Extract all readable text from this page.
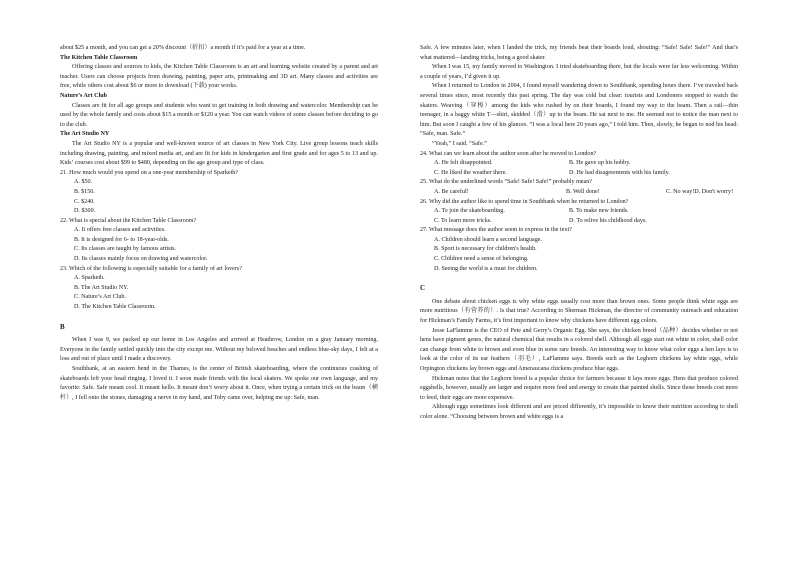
about $25 a month, and you can get a 20% discount（折扣）a month if it’s paid for a year at a time.

The Kitchen Table Classroom

Offering classes and sources to kids, the Kitchen Table Classroom is an art and learning website created by a parent and art teacher. Users can choose projects from drawing, painting, paper arts, printmaking and 3D art. Many classes and activities are free, while others cost about $6 or more to download (下载) your works.

Nature’s Art Club

Classes are fit for all age groups and students who want to get training in both drawing and watercolor. Membership can be used by the whole family and costs about $15 a month or $120 a year. You can watch videos of some classes before deciding to go to the club.

The Art Studio NY

The Art Studio NY is a popular and well-known source of art classes in New York City. Live group lessons teach skills including drawing, painting, and mixed media art, and are fit for kids in kindergarten and first grade and for ages 5 to 13 and up. Kids’ courses cost about $99 to $480, depending on the age group and type of class.

21. How much would you spend on a one-year membership of Sparketh?

A. $50.

B. $150.

C. $240.

D. $300.

22. What is special about the Kitchen Table Classroom?

A. It offers free classes and activities.

B. It is designed for 6- to 18-year-olds.

C. Its classes are taught by famous artists.

D. Its classes mainly focus on drawing and watercolor.

23. Which of the following is especially suitable for a family of art lovers?

A. Sparketh.

B. The Art Studio NY.

C. Nature’s Art Club.

D. The Kitchen Table Classroom.

B

When I was 9, we packed up our home in Los Angeles and arrived at Heathrow, London on a gray January morning. Everyone in the family settled quickly into the city except me. Without my beloved beaches and endless blue-sky days, I felt at a loss and out of place until I made a discovery.

Southbank, at an eastern bend in the Thames, is the center of British skateboarding, where the continuous crashing of skateboards left your head ringing. I loved it. I soon made friends with the local skaters. We spoke our own language, and my favorite: Safe. Safe meant cool. It meant hello. It meant don’t worry about it. Once, when trying a certain trick on the beam（横杆）, I fell onto the stones, damaging a nerve in my hand, and Toby came over, helping me up: Safe, man.

Safe. A few minutes later, when I landed the trick, my friends beat their boards loud, shouting: “Safe! Safe! Safe!” And that’s what mattered—landing tricks, being a good skater.

When I was 15, my family moved to Washington. I tried skateboarding there, but the locals were far less welcoming. Within a couple of years, I’d given it up.

When I returned to London in 2004, I found myself wandering down to Southbank, spending hours there. I’ve traveled back several times since, most recently this past spring. The day was cold but clear: tourists and Londoners stopped to watch the skaters. Weaving（穿梭）among the kids who rushed by on their boards, I found my way to the beam. Then a rail—thin teenager, in a baggy white T—shirt, skidded（滑）up to the beam. He sat next to me. He seemed not to notice the man next to him. But soon I caught a few of his glances. “I was a local here 20 years ago,” I told him. Then, slowly, he began to nod his head: “Safe, man. Safe.”

“Yeah,” I said. “Safe.”

24. What can we learn about the author soon after he moved to London?

A. He felt disappointed.	B. He gave up his hobby.
C. He liked the weather there.	D. He had disagreements with his family.

25. What do the underlined words “Safe! Safe! Safe!” probably mean?

A. Be careful!	B. Well done!	C. No way! D. Don't worry!

26. Why did the author like to spend time in Southbank when he returned to London?

A. To join the skateboarding.	B. To make new friends.
C. To learn more tricks.	D. To relive his childhood days.

27. What message does the author seem to express in the text?

A. Children should learn a second language.

B. Sport is necessary for children's health.

C. Children need a sense of belonging.

D. Seeing the world is a must for children.

C

One debate about chicken eggs is why white eggs usually cost more than brown ones. Some people think white eggs are more nutritious（有营养的）. Is that true? According to Sherman Hickman, the director of community outreach and education for Hickman’s Family Farms, it’s first important to know why chickens have different egg colors.

Jesse LaFlamme is the CEO of Pete and Gerry’s Organic Egg. She says, the chicken breed（品种）decides whether or not hens have pigment genes, the natural chemical that results in a colored shell. Although all eggs start out white in color, shell color can change from white to brown and even blue in some rare breeds. An interesting way to know what color eggs a hen lays is to look at the color of its ear feathers（羽毛）, LaFlamme says. Breeds such as the Leghorn chickens lay white eggs, while Orpington chickens lay brown eggs and Ameraucana chickens produce blue eggs.

Hickman notes that the Leghorn breed is a popular choice for farmers because it lays more eggs. Hens that produce colored eggshells, however, usually are larger and require more feed and energy to create that painted shells. Since those breeds cost more to feed, their eggs are more expensive.

Although eggs sometimes look different and are priced differently, it’s impossible to know their nutrition according to shell color alone. “Choosing between brown and white eggs is a
